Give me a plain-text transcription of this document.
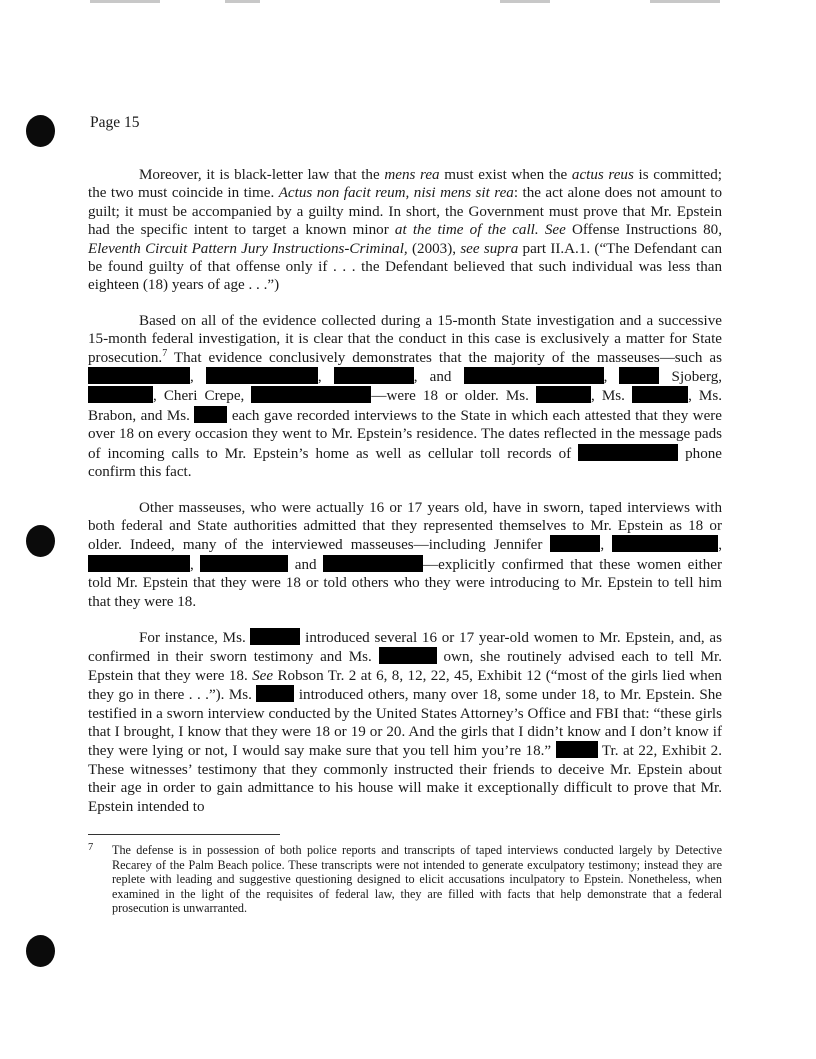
Page 15

Moreover, it is black-letter law that the mens rea must exist when the actus reus is committed; the two must coincide in time. Actus non facit reum, nisi mens sit rea: the act alone does not amount to guilt; it must be accompanied by a guilty mind. In short, the Government must prove that Mr. Epstein had the specific intent to target a known minor at the time of the call. See Offense Instructions 80, Eleventh Circuit Pattern Jury Instructions-Criminal, (2003), see supra part II.A.1. (“The Defendant can be found guilty of that offense only if . . . the Defendant believed that such individual was less than eighteen (18) years of age . . .”)

Based on all of the evidence collected during a 15-month State investigation and a successive 15-month federal investigation, it is clear that the conduct in this case is exclusively a matter for State prosecution.$^7$ That evidence conclusively demonstrates that the majority of the masseuses—such as ,	,	, and	,	Sjoberg, , Cheri Crepe,	—were 18 or older. Ms.	, Ms.	, Ms. Brabon, and Ms.  each gave recorded interviews to the State in which each attested that they were over 18 on every occasion they went to Mr. Epstein’s residence. The dates reflected in the message pads of incoming calls to Mr. Epstein’s home as well as cellular toll records of	phone confirm this fact.

Other masseuses, who were actually 16 or 17 years old, have in sworn, taped interviews with both federal and State authorities admitted that they represented themselves to Mr. Epstein as 18 or older. Indeed, many of the interviewed masseuses—including Jennifer	,	, ,	and	—explicitly confirmed that these women either told Mr. Epstein that they were 18 or told others who they were introducing to Mr. Epstein to tell him that they were 18.

For instance, Ms.	introduced several 16 or 17 year-old women to Mr. Epstein, and, as confirmed in their sworn testimony and Ms.	own, she routinely advised each to tell Mr. Epstein that they were 18. See Robson Tr. 2 at 6, 8, 12, 22, 45, Exhibit 12 (“most of the girls lied when they go in there . . .”). Ms.	introduced others, many over 18, some under 18, to Mr. Epstein. She testified in a sworn interview conducted by the United States Attorney’s Office and FBI that: “these girls that I brought, I know that they were 18 or 19 or 20. And the girls that I didn’t know and I don’t know if they were lying or not, I would say make sure that you tell him you’re 18.”	Tr. at 22, Exhibit 2. These witnesses’ testimony that they commonly instructed their friends to deceive Mr. Epstein about their age in order to gain admittance to his house will make it exceptionally difficult to prove that Mr. Epstein intended to

7 The defense is in possession of both police reports and transcripts of taped interviews conducted largely by Detective Recarey of the Palm Beach police. These transcripts were not intended to generate exculpatory testimony; instead they are replete with leading and suggestive questioning designed to elicit accusations inculpatory to Epstein. Nonetheless, when examined in the light of the requisites of federal law, they are filled with facts that help demonstrate that a federal prosecution is unwarranted.
